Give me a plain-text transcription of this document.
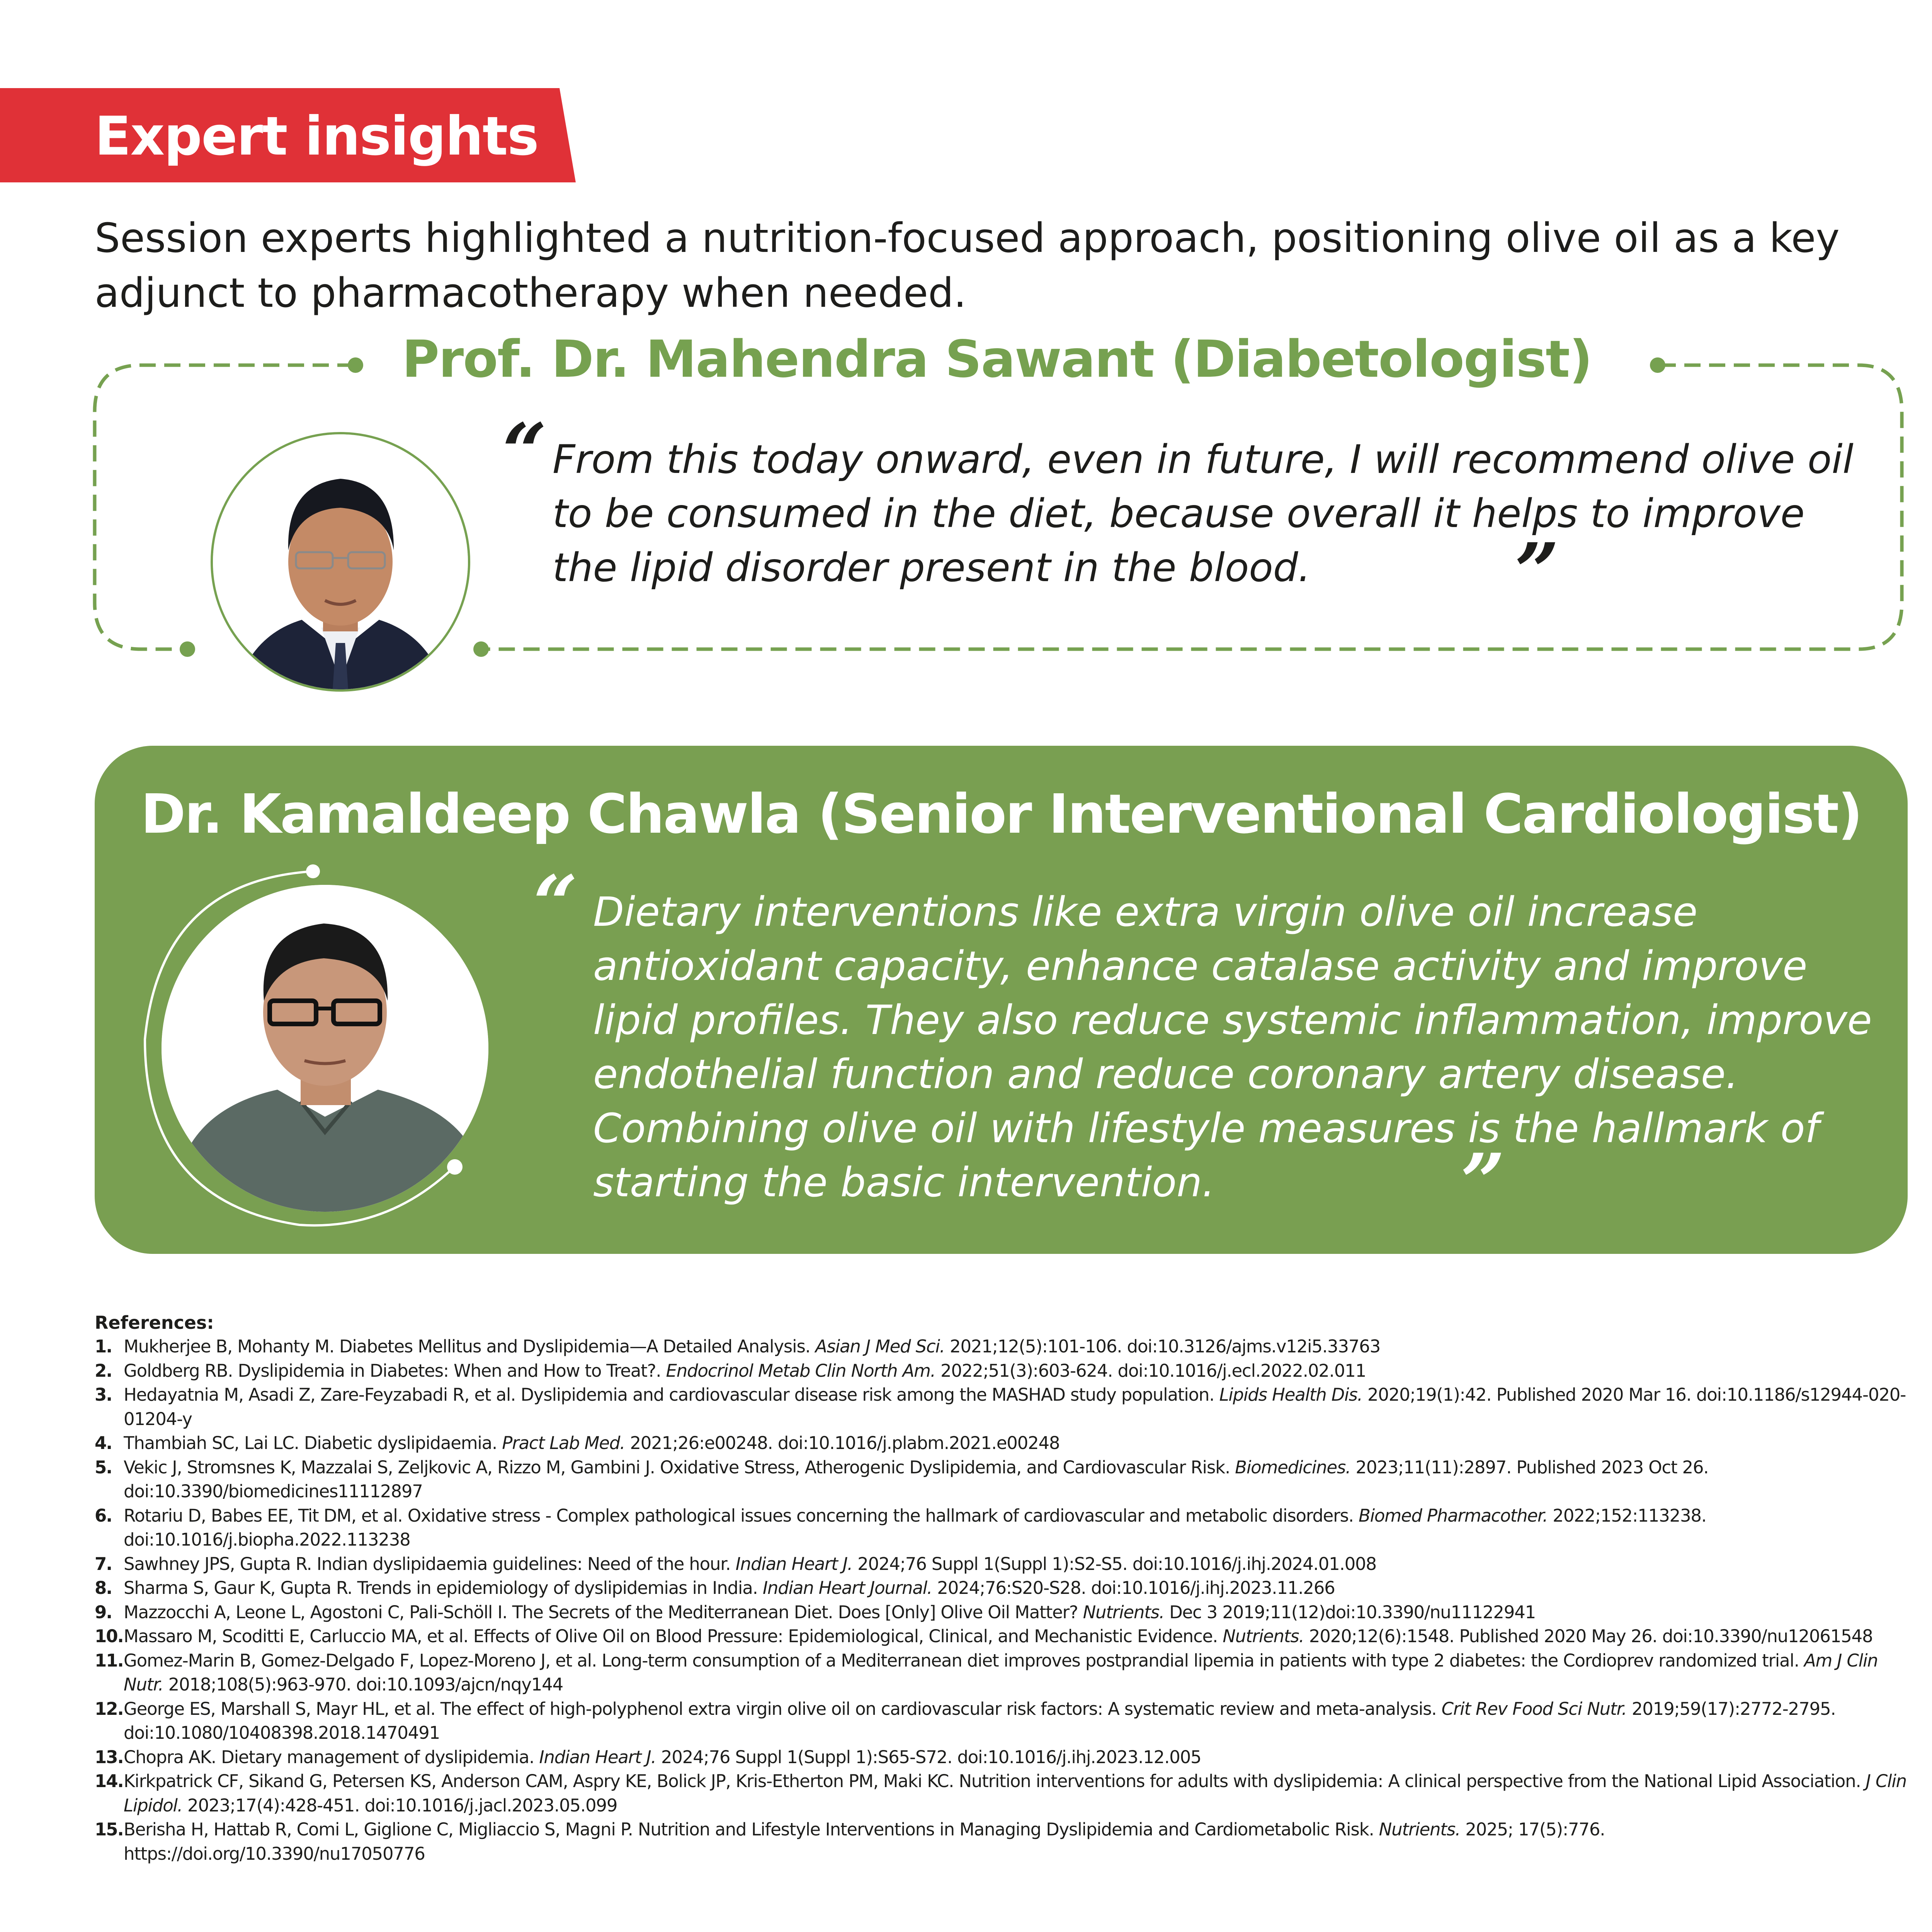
Expert insights
Session experts highlighted a nutrition-focused approach, positioning olive oil as a key adjunct to pharmacotherapy when needed.
Prof. Dr. Mahendra Sawant (Diabetologist)
“ From this today onward, even in future, I will recommend olive oil to be consumed in the diet, because overall it helps to improve the lipid disorder present in the blood.	”
Dr. Kamaldeep Chawla (Senior Interventional Cardiologist)
“ Dietary interventions like extra virgin olive oil increase antioxidant capacity, enhance catalase activity and improve lipid profiles. They also reduce systemic inflammation, improve endothelial function and reduce coronary artery disease. Combining olive oil with lifestyle measures is the hallmark of starting the basic intervention.	”
References:
1. Mukherjee B, Mohanty M. Diabetes Mellitus and Dyslipidemia—A Detailed Analysis. Asian J Med Sci. 2021;12(5):101-106. doi:10.3126/ajms.v12i5.33763
2. Goldberg RB. Dyslipidemia in Diabetes: When and How to Treat?. Endocrinol Metab Clin North Am. 2022;51(3):603-624. doi:10.1016/j.ecl.2022.02.011
3. Hedayatnia M, Asadi Z, Zare-Feyzabadi R, et al. Dyslipidemia and cardiovascular disease risk among the MASHAD study population. Lipids Health Dis. 2020;19(1):42. Published 2020 Mar 16. doi:10.1186/s12944-020-01204-y
4. Thambiah SC, Lai LC. Diabetic dyslipidaemia. Pract Lab Med. 2021;26:e00248. doi:10.1016/j.plabm.2021.e00248
5. Vekic J, Stromsnes K, Mazzalai S, Zeljkovic A, Rizzo M, Gambini J. Oxidative Stress, Atherogenic Dyslipidemia, and Cardiovascular Risk. Biomedicines. 2023;11(11):2897. Published 2023 Oct 26. doi:10.3390/biomedicines11112897
6. Rotariu D, Babes EE, Tit DM, et al. Oxidative stress - Complex pathological issues concerning the hallmark of cardiovascular and metabolic disorders. Biomed Pharmacother. 2022;152:113238. doi:10.1016/j.biopha.2022.113238
7. Sawhney JPS, Gupta R. Indian dyslipidaemia guidelines: Need of the hour. Indian Heart J. 2024;76 Suppl 1(Suppl 1):S2-S5. doi:10.1016/j.ihj.2024.01.008
8. Sharma S, Gaur K, Gupta R. Trends in epidemiology of dyslipidemias in India. Indian Heart Journal. 2024;76:S20-S28. doi:10.1016/j.ihj.2023.11.266
9. Mazzocchi A, Leone L, Agostoni C, Pali-Schöll I. The Secrets of the Mediterranean Diet. Does [Only] Olive Oil Matter? Nutrients. Dec 3 2019;11(12)doi:10.3390/nu11122941
10. Massaro M, Scoditti E, Carluccio MA, et al. Effects of Olive Oil on Blood Pressure: Epidemiological, Clinical, and Mechanistic Evidence. Nutrients. 2020;12(6):1548. Published 2020 May 26. doi:10.3390/nu12061548
11. Gomez-Marin B, Gomez-Delgado F, Lopez-Moreno J, et al. Long-term consumption of a Mediterranean diet improves postprandial lipemia in patients with type 2 diabetes: the Cordioprev randomized trial. Am J Clin Nutr. 2018;108(5):963-970. doi:10.1093/ajcn/nqy144
12. George ES, Marshall S, Mayr HL, et al. The effect of high-polyphenol extra virgin olive oil on cardiovascular risk factors: A systematic review and meta-analysis. Crit Rev Food Sci Nutr. 2019;59(17):2772-2795. doi:10.1080/10408398.2018.1470491
13. Chopra AK. Dietary management of dyslipidemia. Indian Heart J. 2024;76 Suppl 1(Suppl 1):S65-S72. doi:10.1016/j.ihj.2023.12.005
14. Kirkpatrick CF, Sikand G, Petersen KS, Anderson CAM, Aspry KE, Bolick JP, Kris-Etherton PM, Maki KC. Nutrition interventions for adults with dyslipidemia: A clinical perspective from the National Lipid Association. J Clin Lipidol. 2023;17(4):428-451. doi:10.1016/j.jacl.2023.05.099
15. Berisha H, Hattab R, Comi L, Giglione C, Migliaccio S, Magni P. Nutrition and Lifestyle Interventions in Managing Dyslipidemia and Cardiometabolic Risk. Nutrients. 2025; 17(5):776. https://doi.org/10.3390/nu17050776
